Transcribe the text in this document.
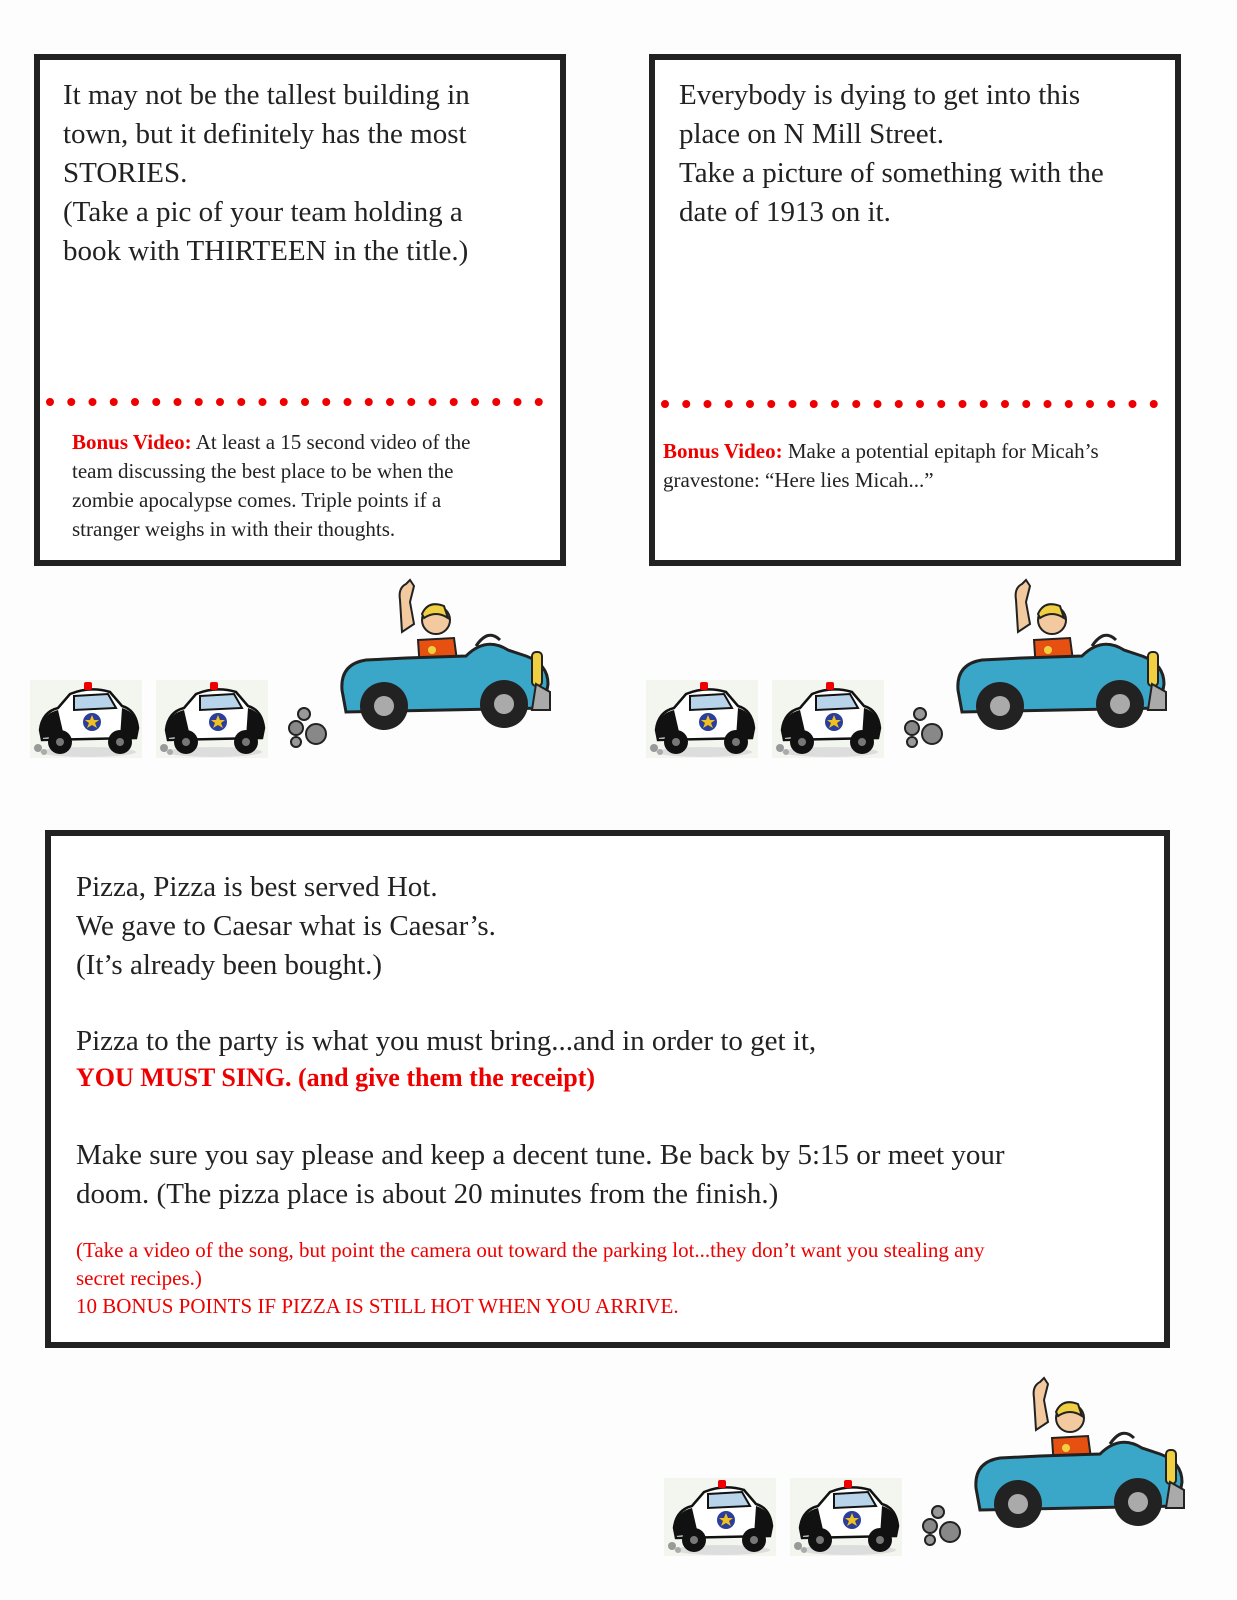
It may not be the tallest building in

town, but it definitely has the most

STORIES.

(Take a pic of your team holding a

book with THIRTEEN in the title.)

Bonus Video: At least a 15 second video of the
team discussing the best place to be when the
zombie apocalypse comes. Triple points if a
stranger weighs in with their thoughts.

Everybody is dying to get into this

place on N Mill Street.

Take a picture of something with the

date of 1913 on it.

Bonus Video: Make a potential epitaph for Micah’s
gravestone: “Here lies Micah...”

Pizza, Pizza is best served Hot.

We gave to Caesar what is Caesar’s.

(It’s already been bought.)

Pizza to the party is what you must bring...and in order to get it,

YOU MUST SING. (and give them the receipt)

Make sure you say please and keep a decent tune. Be back by 5:15 or meet your

doom. (The pizza place is about 20 minutes from the finish.)

(Take a video of the song, but point the camera out toward the parking lot...they don’t want you stealing any
secret recipes.)
10 BONUS POINTS IF PIZZA IS STILL HOT WHEN YOU ARRIVE.
